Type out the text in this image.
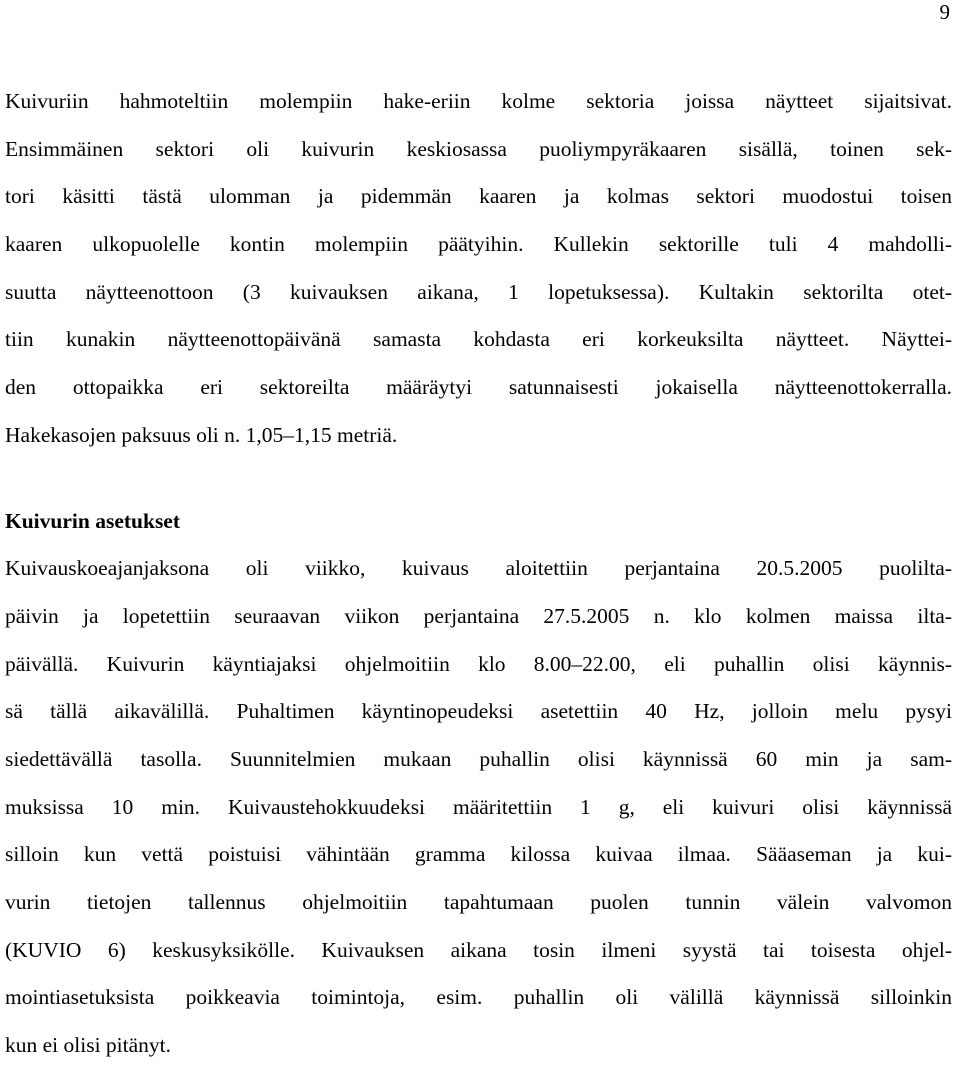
9
Kuivuriin hahmoteltiin molempiin hake-eriin kolme sektoria joissa näytteet sijaitsivat.
Ensimmäinen sektori oli kuivurin keskiosassa puoliympyräkaaren sisällä, toinen sek-
tori käsitti tästä ulomman ja pidemmän kaaren ja kolmas sektori muodostui toisen
kaaren ulkopuolelle kontin molempiin päätyihin. Kullekin sektorille tuli 4 mahdolli-
suutta näytteenottoon (3 kuivauksen aikana, 1 lopetuksessa). Kultakin sektorilta otet-
tiin kunakin näytteenottopäivänä samasta kohdasta eri korkeuksilta näytteet. Näyttei-
den ottopaikka eri sektoreilta määräytyi satunnaisesti jokaisella näytteenottokerralla.
Hakekasojen paksuus oli n. 1,05–1,15 metriä.
Kuivurin asetukset
Kuivauskoeajanjaksona oli viikko, kuivaus aloitettiin perjantaina 20.5.2005 puolilta-
päivin ja lopetettiin seuraavan viikon perjantaina 27.5.2005 n. klo kolmen maissa ilta-
päivällä. Kuivurin käyntiajaksi ohjelmoitiin klo 8.00–22.00, eli puhallin olisi käynnis-
sä tällä aikavälillä. Puhaltimen käyntinopeudeksi asetettiin 40 Hz, jolloin melu pysyi
siedettävällä tasolla. Suunnitelmien mukaan puhallin olisi käynnissä 60 min ja sam-
muksissa 10 min. Kuivaustehokkuudeksi määritettiin 1 g, eli kuivuri olisi käynnissä
silloin kun vettä poistuisi vähintään gramma kilossa kuivaa ilmaa. Sääaseman ja kui-
vurin tietojen tallennus ohjelmoitiin tapahtumaan puolen tunnin välein valvomon
(KUVIO 6) keskusyksikölle. Kuivauksen aikana tosin ilmeni syystä tai toisesta ohjel-
mointiasetuksista poikkeavia toimintoja, esim. puhallin oli välillä käynnissä silloinkin
kun ei olisi pitänyt.
